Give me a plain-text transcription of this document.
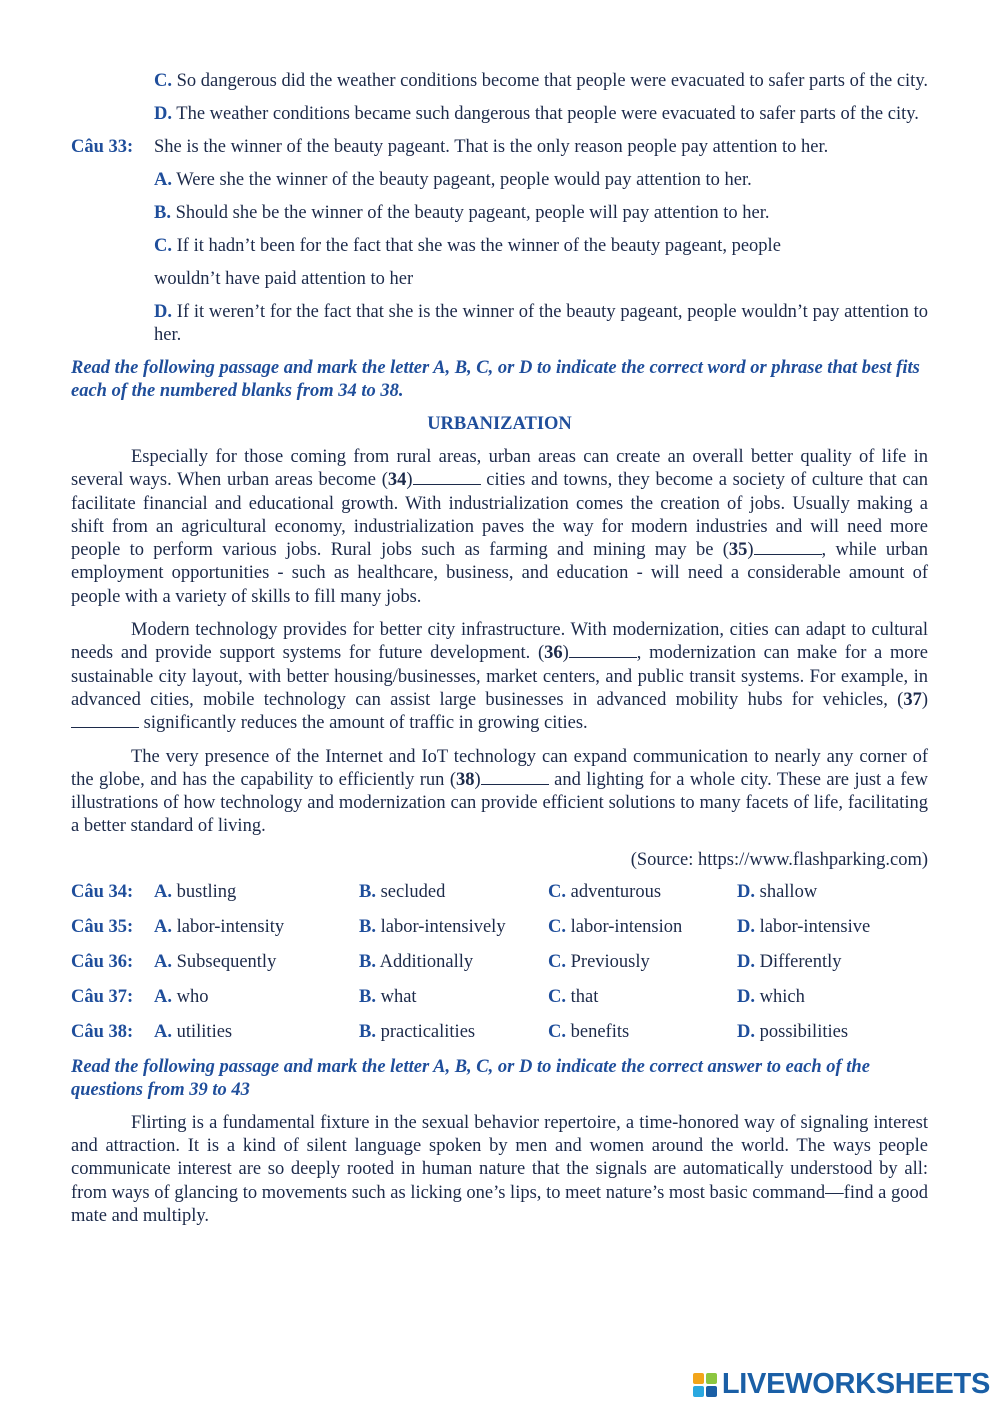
C. So dangerous did the weather conditions become that people were evacuated to safer parts of the city.
D. The weather conditions became such dangerous that people were evacuated to safer parts of the city.
Câu 33:	She is the winner of the beauty pageant. That is the only reason people pay attention to her.
A. Were she the winner of the beauty pageant, people would pay attention to her.
B. Should she be the winner of the beauty pageant, people will pay attention to her.
C. If it hadn’t been for the fact that she was the winner of the beauty pageant, people
wouldn’t have paid attention to her
D. If it weren’t for the fact that she is the winner of the beauty pageant, people wouldn’t pay attention to her.
Read the following passage and mark the letter A, B, C, or D to indicate the correct word or phrase that best fits each of the numbered blanks from 34 to 38.
URBANIZATION
Especially for those coming from rural areas, urban areas can create an overall better quality of life in several ways. When urban areas become (34)	cities and towns, they become a society of culture that can facilitate financial and educational growth. With industrialization comes the creation of jobs. Usually making a shift from an agricultural economy, industrialization paves the way for modern industries and will need more people to perform various jobs. Rural jobs such as farming and mining may be (35)	, while urban employment opportunities - such as healthcare, business, and education - will need a considerable amount of people with a variety of skills to fill many jobs.
Modern technology provides for better city infrastructure. With modernization, cities can adapt to cultural needs and provide support systems for future development. (36)	, modernization can make for a more sustainable city layout, with better housing/businesses, market centers, and public transit systems. For example, in advanced cities, mobile technology can assist large businesses in advanced mobility hubs for vehicles, (37) significantly reduces the amount of traffic in growing cities.
The very presence of the Internet and IoT technology can expand communication to nearly any corner of the globe, and has the capability to efficiently run (38)	and lighting for a whole city. These are just a few illustrations of how technology and modernization can provide efficient solutions to many facets of life, facilitating a better standard of living.
(Source: https://www.flashparking.com)
Câu 34:	A. bustling	B. secluded	C. adventurous	D. shallow
Câu 35:	A. labor-intensity	B. labor-intensively	C. labor-intension	D. labor-intensive
Câu 36:	A. Subsequently	B. Additionally	C. Previously	D. Differently
Câu 37:	A. who	B. what	C. that	D. which
Câu 38:	A. utilities	B. practicalities	C. benefits	D. possibilities
Read the following passage and mark the letter A, B, C, or D to indicate the correct answer to each of the questions from 39 to 43
Flirting is a fundamental fixture in the sexual behavior repertoire, a time-honored way of signaling interest and attraction. It is a kind of silent language spoken by men and women around the world. The ways people communicate interest are so deeply rooted in human nature that the signals are automatically understood by all: from ways of glancing to movements such as licking one’s lips, to meet nature’s most basic command—find a good mate and multiply.
LIVEWORKSHEETS
